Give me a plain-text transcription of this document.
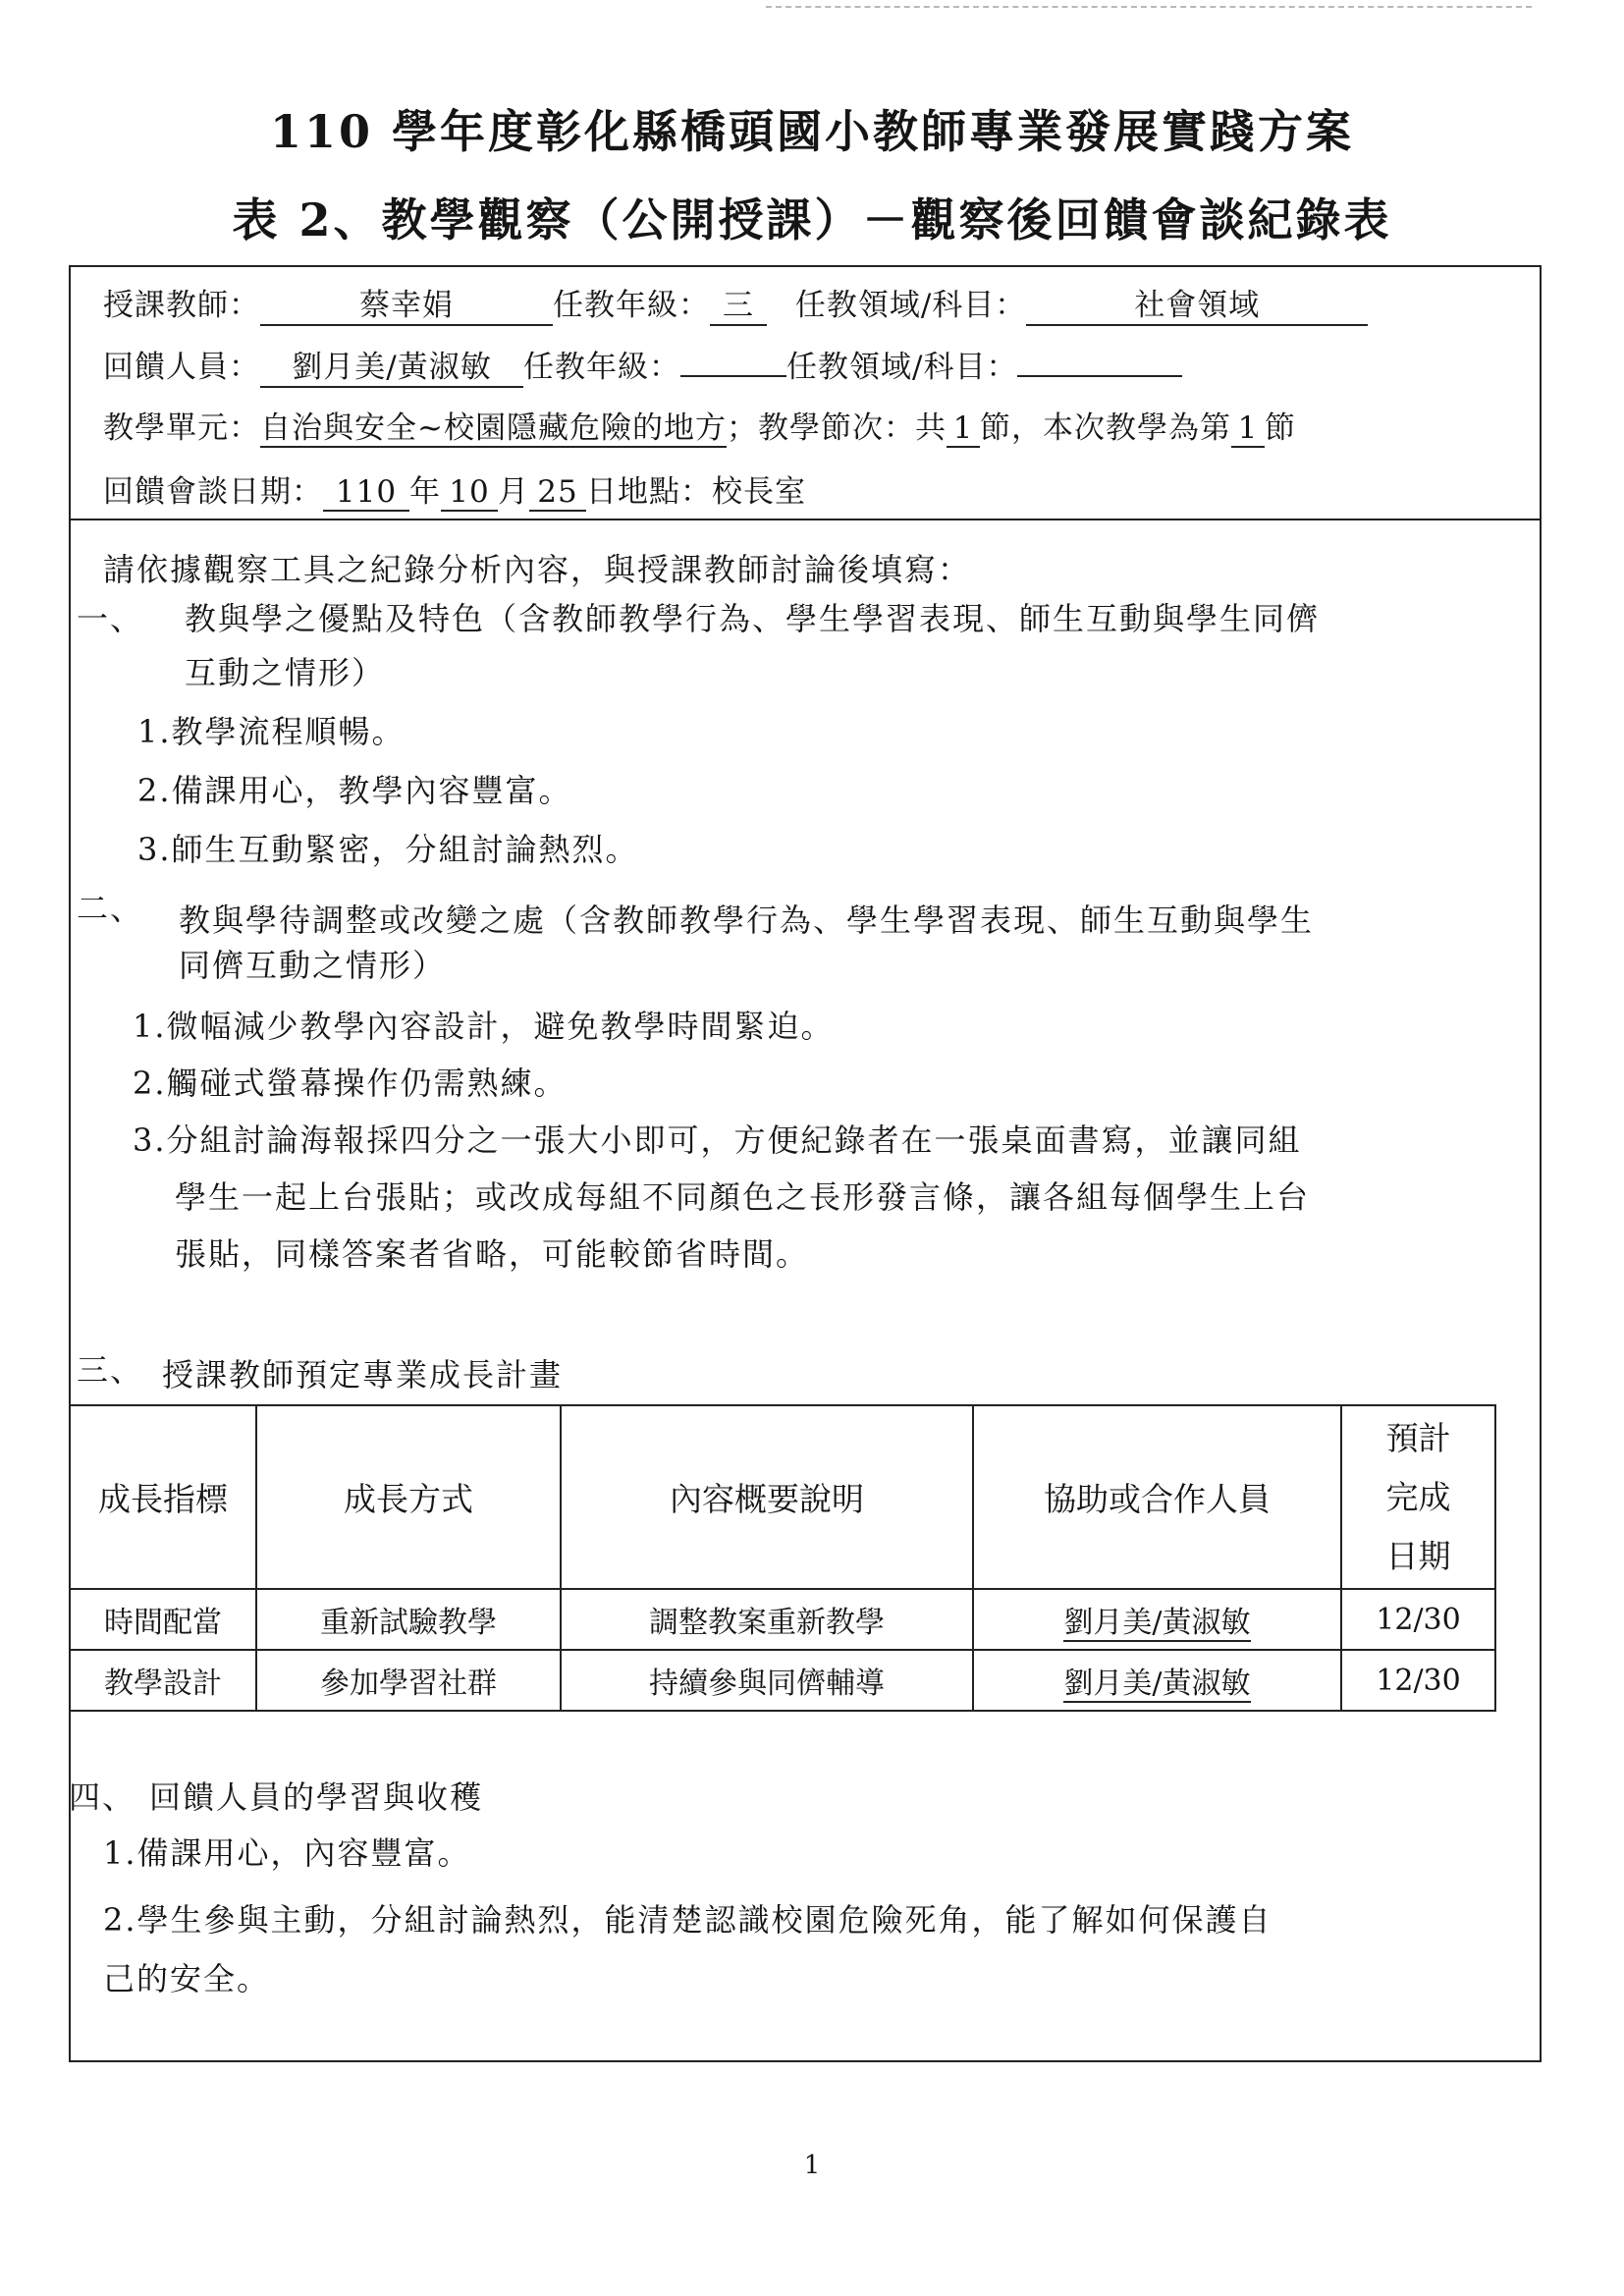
110 學年度彰化縣橋頭國小教師專業發展實踐方案
表 2、教學觀察（公開授課）－觀察後回饋會談紀錄表
授課教師：	蔡幸娟	任教年級： 三 任教領域/科目：	社會領域
回饋人員： 劉月美/黃淑敏 任教年級：	任教領域/科目：
教學單元：自治與安全~校園隱藏危險的地方；教學節次：共 1 節，本次教學為第 1 節
回饋會談日期： 110 年 10 月 25 日地點：校長室
請依據觀察工具之紀錄分析內容，與授課教師討論後填寫：
一、 教與學之優點及特色（含教師教學行為、學生學習表現、師生互動與學生同儕
互動之情形）
1.教學流程順暢。
2.備課用心，教學內容豐富。
3.師生互動緊密，分組討論熱烈。
二、 教與學待調整或改變之處（含教師教學行為、學生學習表現、師生互動與學生
同儕互動之情形）
1.微幅減少教學內容設計，避免教學時間緊迫。
2.觸碰式螢幕操作仍需熟練。
3.分組討論海報採四分之一張大小即可，方便紀錄者在一張桌面書寫，並讓同組
學生一起上台張貼；或改成每組不同顏色之長形發言條，讓各組每個學生上台
張貼，同樣答案者省略，可能較節省時間。
三、 授課教師預定專業成長計畫
成長指標	成長方式	內容概要說明	協助或合作人員	預計完成日期
時間配當	重新試驗教學	調整教案重新教學	劉月美/黃淑敏	12/30
教學設計	參加學習社群	持續參與同儕輔導	劉月美/黃淑敏	12/30
四、 回饋人員的學習與收穫
1.備課用心，內容豐富。
2.學生參與主動，分組討論熱烈，能清楚認識校園危險死角，能了解如何保護自
己的安全。
1
